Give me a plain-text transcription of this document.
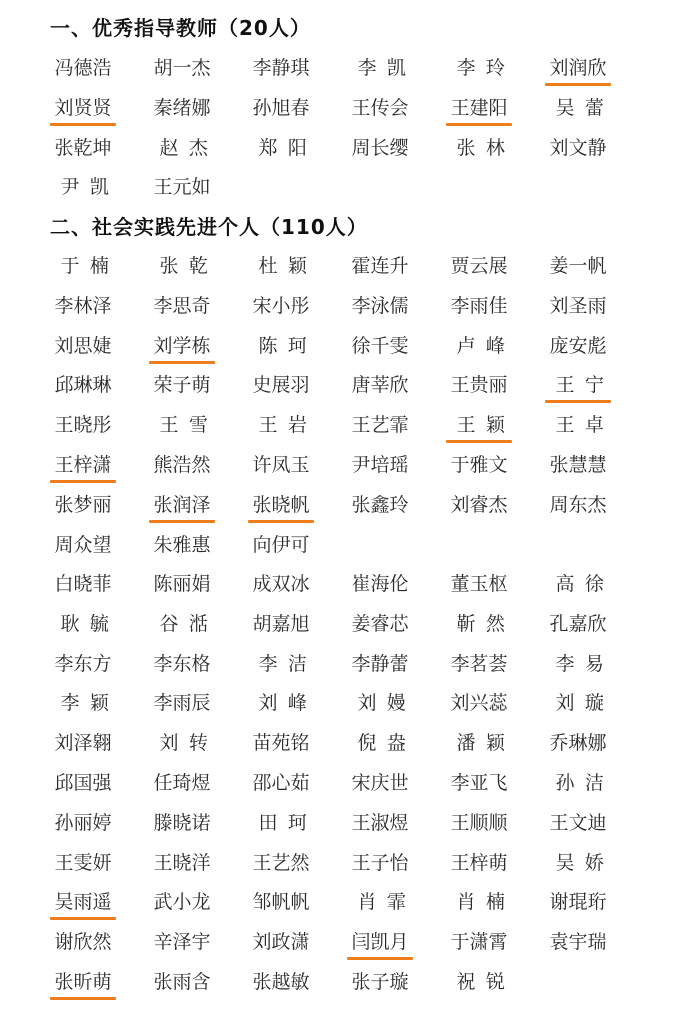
一、优秀指导教师（20人）
冯德浩 胡一杰 李静琪	李凯	李玲 刘润欣
刘贤贤 秦绪娜 孙旭春 王传会 王建阳	吴蕾
张乾坤	赵杰	郑阳 周长缨	张林 刘文静
尹凯 王元如
二、社会实践先进个人（110人）
于楠	张乾	杜颖 霍连升 贾云展 姜一帆
李林泽 李思奇 宋小彤 李泳儒 李雨佳 刘圣雨
刘思婕 刘学栋	陈珂 徐千雯	卢峰 庞安彪
邱琳琳 荣子萌 史展羽 唐莘欣 王贵丽	王宁
王晓彤	王雪	王岩 王艺霏	王颖	王卓
王梓潇 熊浩然 许凤玉 尹培瑶 于雅文 张慧慧
张梦丽 张润泽 张晓帆 张鑫玲 刘睿杰 周东杰
周众望 朱雅惠 向伊可
白晓菲 陈丽娟 成双冰 崔海伦 董玉枢	高徐
耿毓	谷湉 胡嘉旭 姜睿芯	靳然 孔嘉欣
李东方 李东格	李洁 李静蕾 李茗荟	李易
李颖 李雨辰	刘峰	刘嫚 刘兴蕊	刘璇
刘泽翱	刘转 苗苑铭	倪盎	潘颖 乔琳娜
邱国强 任琦煜 邵心茹 宋庆世 李亚飞	孙洁
孙丽婷 滕晓诺	田珂 王淑煜 王顺顺 王文迪
王雯妍 王晓洋 王艺然 王子怡 王梓萌	吴娇
吴雨遥 武小龙 邹帆帆	肖霏	肖楠 谢琨珩
谢欣然 辛泽宇 刘政潇 闫凯月 于潇霄 袁宇瑞
张昕萌 张雨含 张越敏 张子璇	祝锐
